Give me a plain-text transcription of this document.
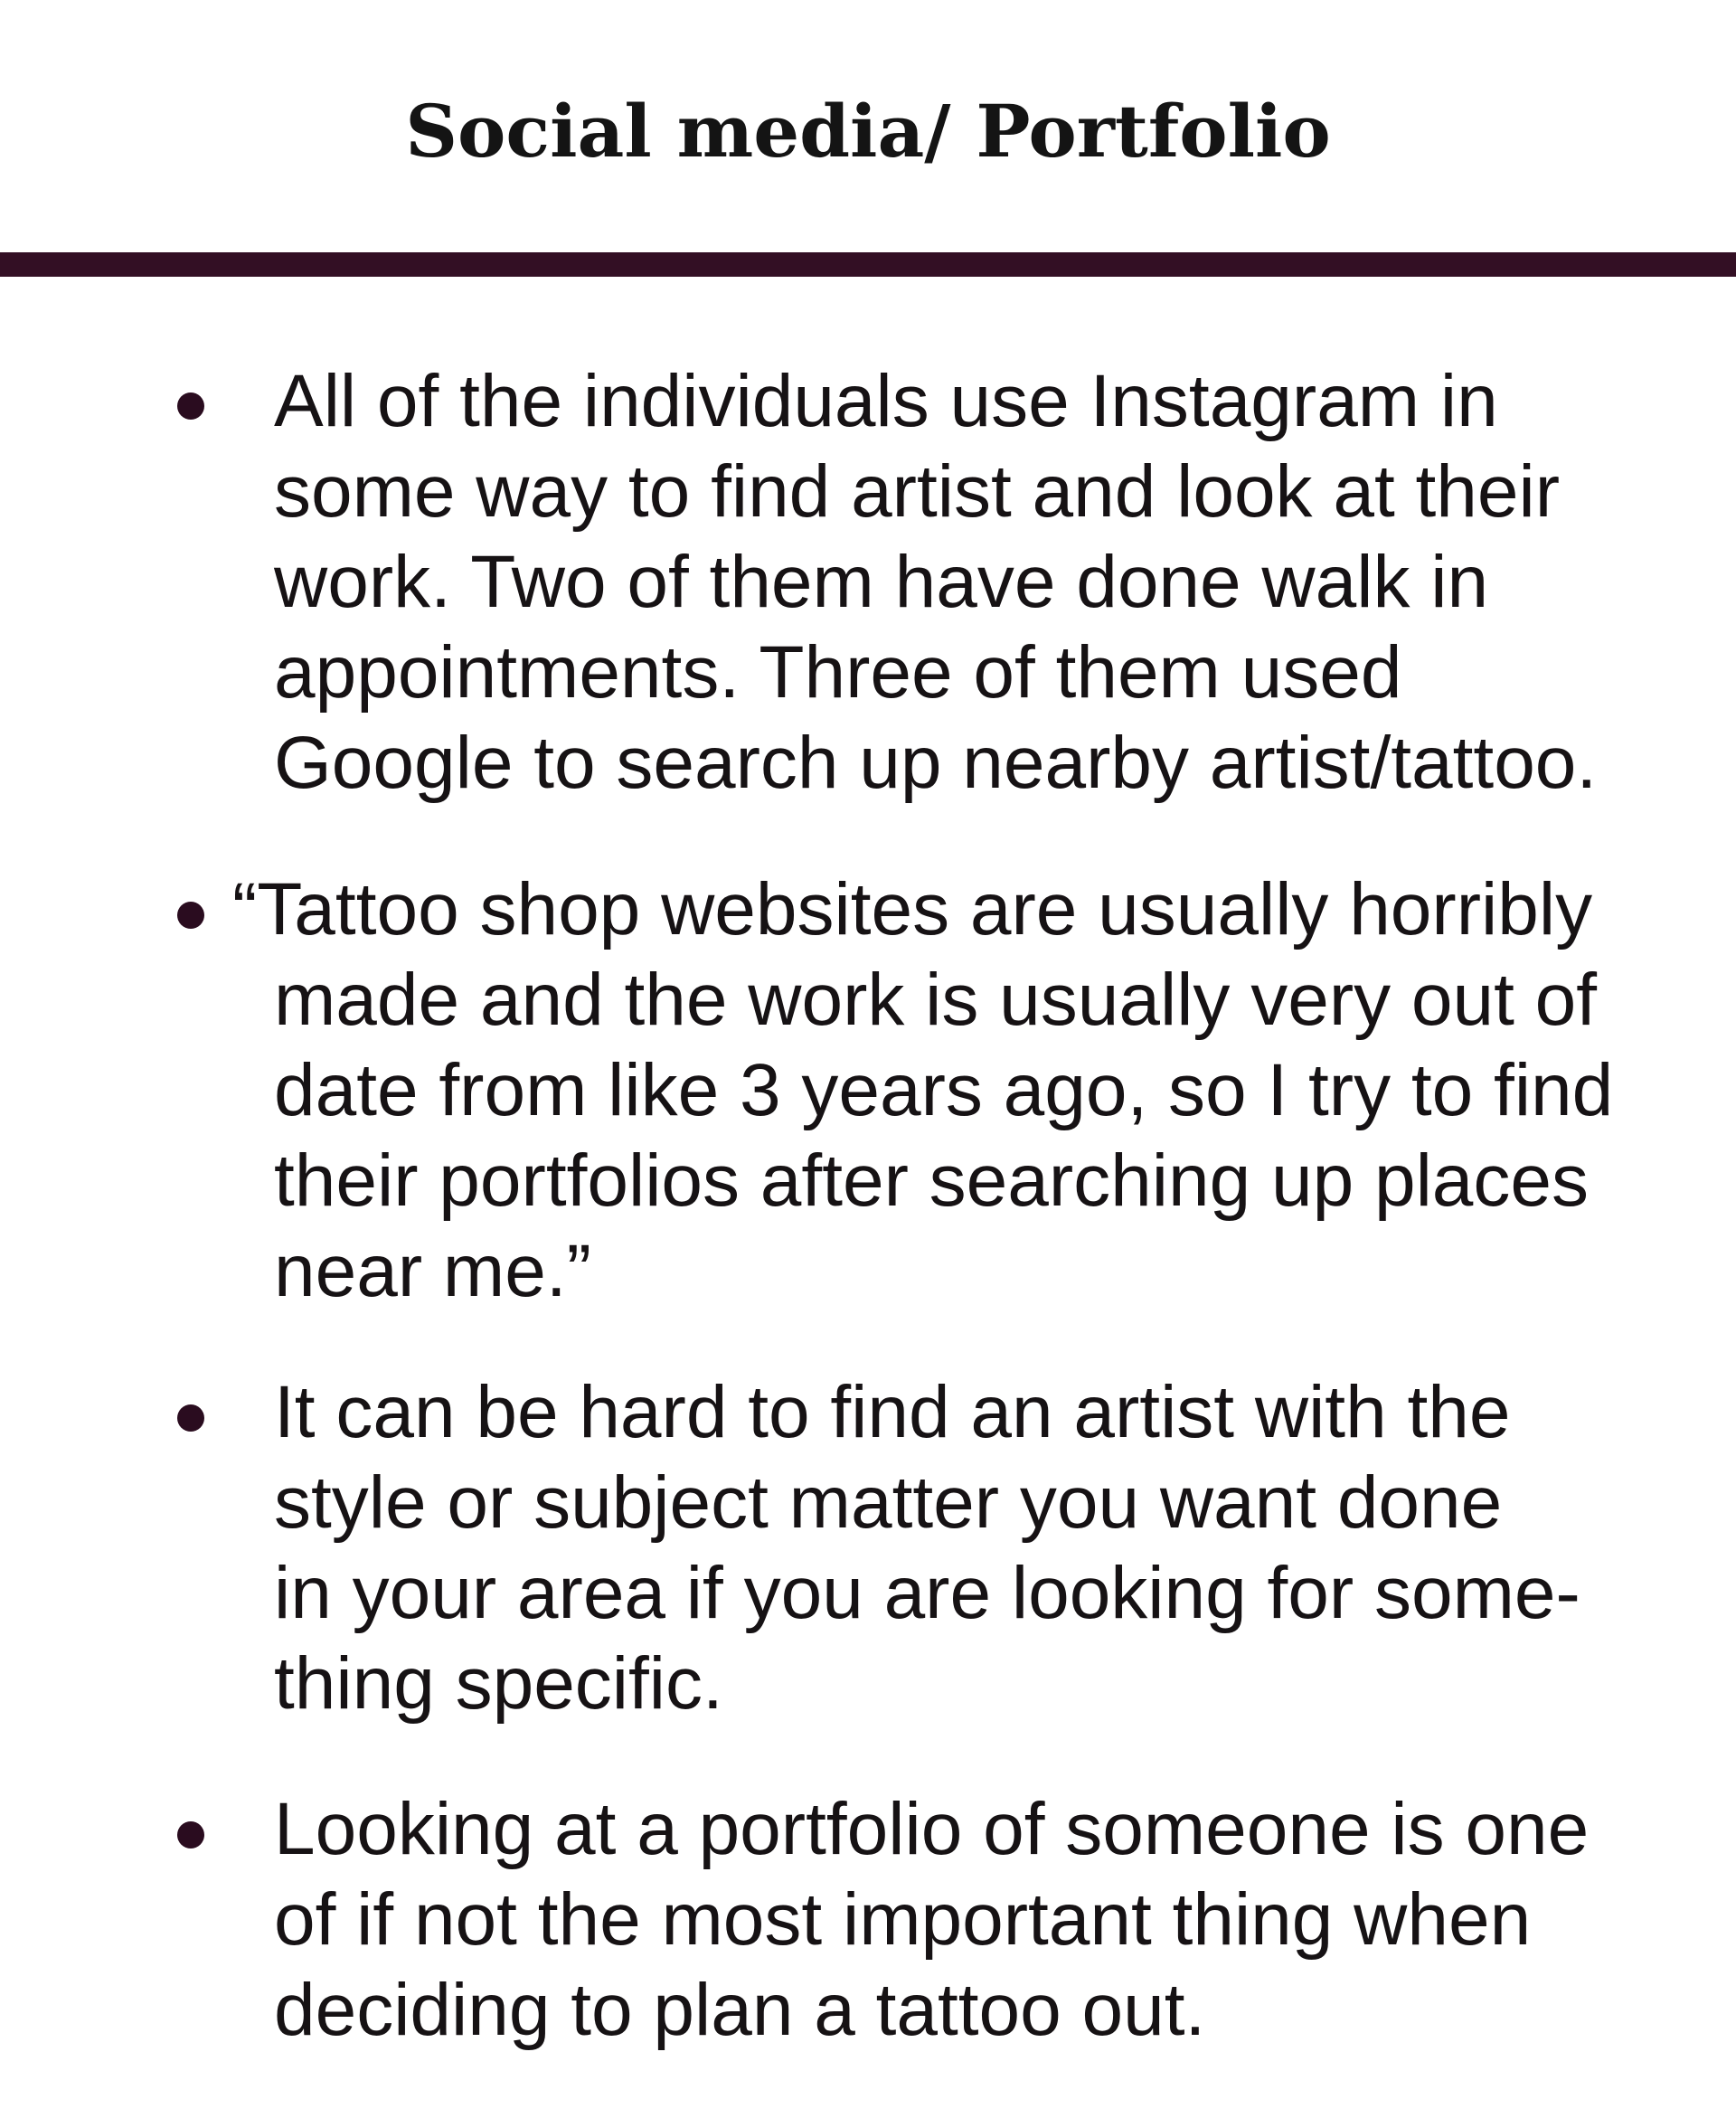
Social media/ Portfolio
All of the individuals use Instagram in
some way to find artist and look at their
work. Two of them have done walk in
appointments. Three of them used
Google to search up nearby artist/tattoo.
“Tattoo shop websites are usually horribly
made and the work is usually very out of
date from like 3 years ago, so I try to find
their portfolios after searching up places
near me.”
It can be hard to find an artist with the
style or subject matter you want done
in your area if you are looking for some-
thing specific.
Looking at a portfolio of someone is one
of if not the most important thing when
deciding to plan a tattoo out.
